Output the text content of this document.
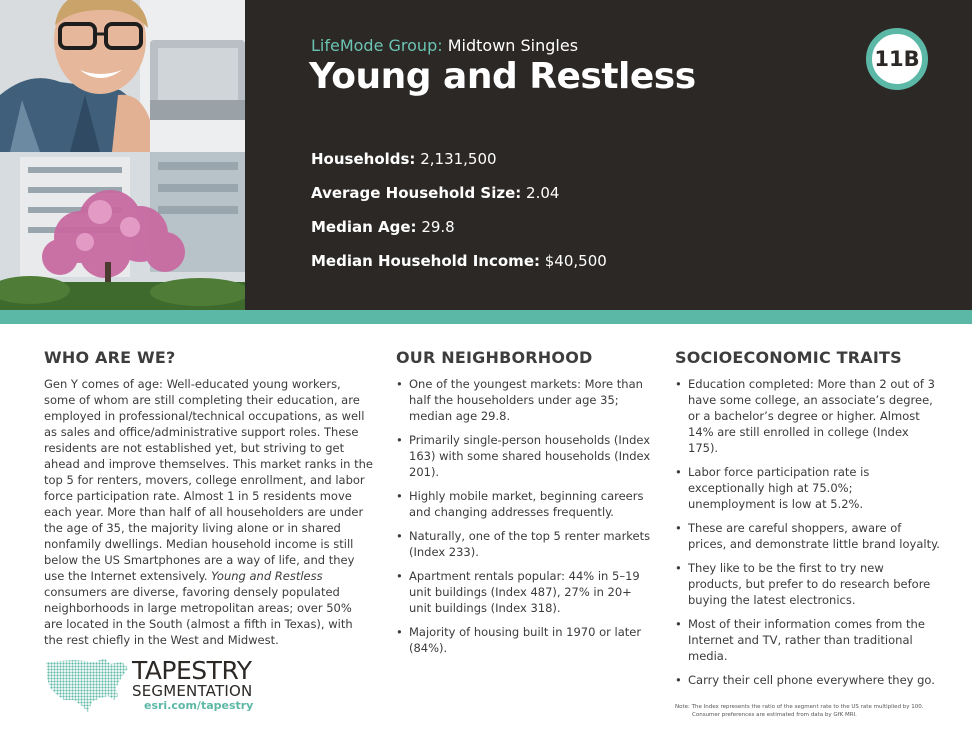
LifeMode Group: Midtown Singles
Young and Restless	11B
Households: 2,131,500
Average Household Size: 2.04
Median Age: 29.8
Median Household Income: $40,500
WHO ARE WE?

Gen Y comes of age: Well-educated young workers, some of whom are still completing their education, are employed in professional/technical occupations, as well as sales and office/administrative support roles. These residents are not established yet, but striving to get ahead and improve themselves. This market ranks in the top 5 for renters, movers, college enrollment, and labor force participation rate. Almost 1 in 5 residents move each year. More than half of all householders are under the age of 35, the majority living alone or in shared nonfamily dwellings. Median household income is still below the US Smartphones are a way of life, and they use the Internet extensively. Young and Restless consumers are diverse, favoring densely populated neighborhoods in large metropolitan areas; over 50% are located in the South (almost a fifth in Texas), with the rest chiefly in the West and Midwest.

OUR NEIGHBORHOOD
• One of the youngest markets: More than half the householders under age 35; median age 29.8.
• Primarily single-person households (Index 163) with some shared households (Index 201).
• Highly mobile market, beginning careers and changing addresses frequently.
• Naturally, one of the top 5 renter markets (Index 233).
• Apartment rentals popular: 44% in 5–19 unit buildings (Index 487), 27% in 20+ unit buildings (Index 318).
• Majority of housing built in 1970 or later (84%).
SOCIOECONOMIC TRAITS
• Education completed: More than 2 out of 3 have some college, an associate’s degree, or a bachelor’s degree or higher. Almost 14% are still enrolled in college (Index 175).
• Labor force participation rate is exceptionally high at 75.0%; unemployment is low at 5.2%.
• These are careful shoppers, aware of prices, and demonstrate little brand loyalty.
• They like to be the first to try new products, but prefer to do research before buying the latest electronics.
• Most of their information comes from the Internet and TV, rather than traditional media.
• Carry their cell phone everywhere they go.
TAPESTRY
SEGMENTATION
esri.com/tapestry	Note: The Index represents the ratio of the segment rate to the US rate multiplied by 100.
Consumer preferences are estimated from data by GfK MRI.
